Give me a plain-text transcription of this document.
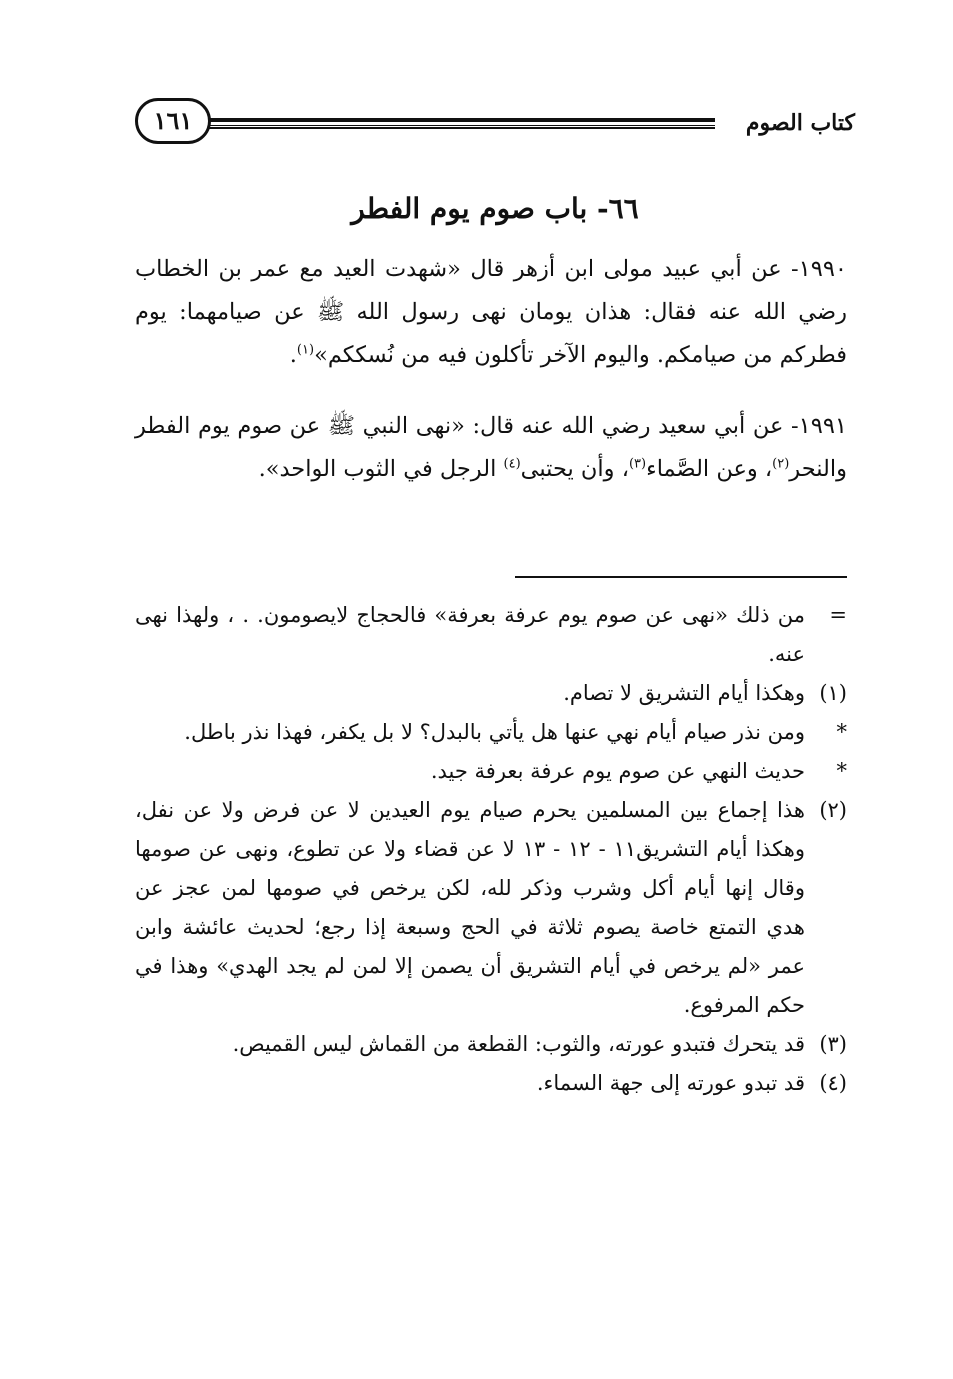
كتاب الصوم
١٦١
٦٦- باب صوم يوم الفطر

١٩٩٠- عن أبي عبيد مولى ابن أزهر قال «شهدت العيد مع عمر بن الخطاب رضي الله عنه فقال: هذان يومان نهى رسول الله ﷺ عن صيامهما: يوم فطركم من صيامكم. واليوم الآخر تأكلون فيه من نُسككم»$^{(١)}$.

١٩٩١- عن أبي سعيد رضي الله عنه قال: «نهى النبي ﷺ عن صوم يوم الفطر والنحر$^{(٢)}$، وعن الصَّماء$^{(٣)}$، وأن يحتبى$^{(٤)}$ الرجل في الثوب الواحد».

=
من ذلك «نهى عن صوم يوم عرفة بعرفة» فالحجاج لايصومون. . ، ولهذا نهى عنه.
(١)
وهكذا أيام التشريق لا تصام.
*
ومن نذر صيام أيام نهي عنها هل يأتي بالبدل؟ لا بل يكفر، فهذا نذر باطل.
*
حديث النهي عن صوم يوم عرفة بعرفة جيد.
(٢)
هذا إجماع بين المسلمين يحرم صيام يوم العيدين لا عن فرض ولا عن نفل، وهكذا أيام التشريق١١ - ١٢ - ١٣ لا عن قضاء ولا عن تطوع، ونهى عن صومها وقال إنها أيام أكل وشرب وذكر لله، لكن يرخص في صومها لمن عجز عن هدي التمتع خاصة يصوم ثلاثة في الحج وسبعة إذا رجع؛ لحديث عائشة وابن عمر «لم يرخص في أيام التشريق أن يصمن إلا لمن لم يجد الهدي» وهذا في حكم المرفوع.
(٣)
قد يتحرك فتبدو عورته، والثوب: القطعة من القماش ليس القميص.
(٤)
قد تبدو عورته إلى جهة السماء.
